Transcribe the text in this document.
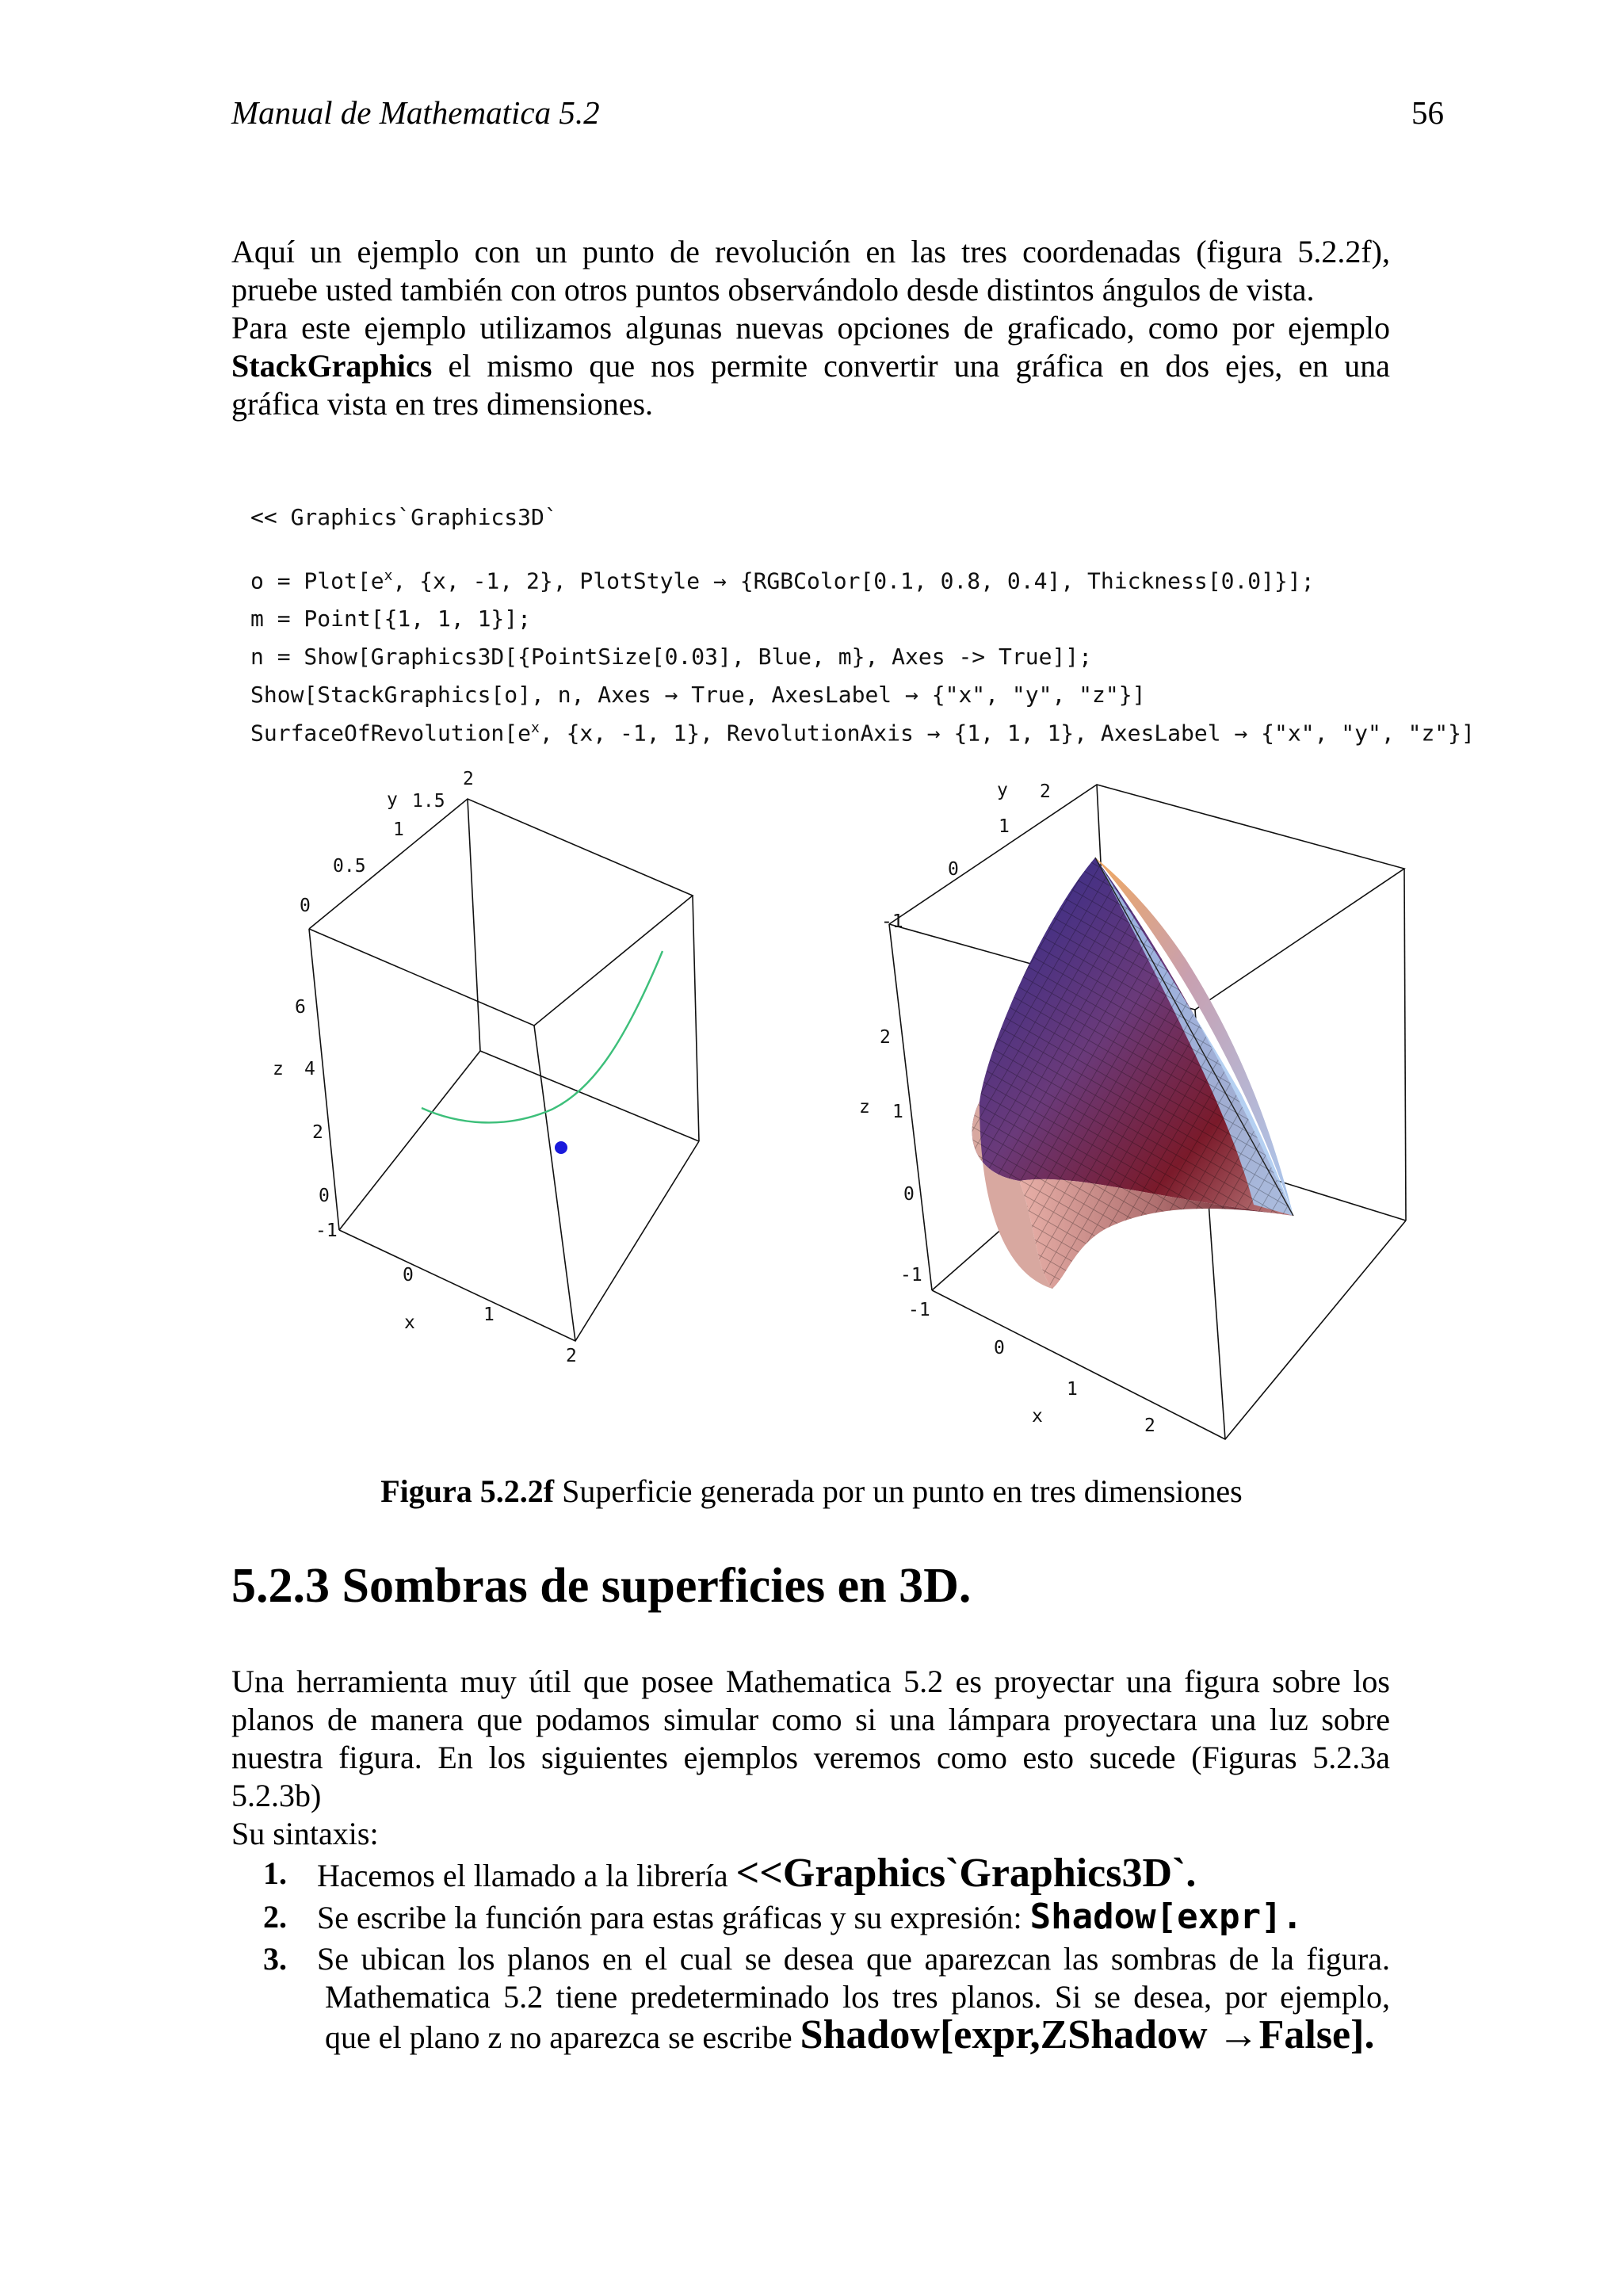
Manual de Mathematica 5.2	56

Aquí un ejemplo con un punto de revolución en las tres coordenadas (figura 5.2.2f),

pruebe usted también con otros puntos observándolo desde distintos ángulos de vista.

Para este ejemplo utilizamos algunas nuevas opciones de graficado, como por ejemplo

StackGraphics el mismo que nos permite convertir una gráfica en dos ejes, en una

gráfica vista en tres dimensiones.

<< Graphics`Graphics3D`
$o = Plot[e^x$, {x, -1, 2}, PlotStyle → {RGBColor[0.1, 0.8, 0.4], Thickness[0.0]}];
m = Point[{1, 1, 1}];
n = Show[Graphics3D[{PointSize[0.03], Blue, m}, Axes -> True]];
Show[StackGraphics[o], n, Axes → True, AxesLabel → {"x", "y", "z"}]
$SurfaceOfRevolution[e^x$, {x, -1, 1}, RevolutionAxis → {1, 1, 1}, AxesLabel → {"x", "y", "z"}]
y 1.5
1
0.5
0
2
6
4
z
2
0
-1
0
x	1
2
y 2
1
0
-1
2
z 1
0
-1
-1
0
1
x	2
Figura 5.2.2f Superficie generada por un punto en tres dimensiones
5.2.3 Sombras de superficies en 3D.

Una herramienta muy útil que posee Mathematica 5.2 es proyectar una figura sobre los

planos de manera que podamos simular como si una lámpara proyectara una luz sobre

nuestra figura. En los siguientes ejemplos veremos como esto sucede (Figuras 5.2.3a

5.2.3b)

Su sintaxis:

1. Hacemos el llamado a la librería <<Graphics`Graphics3D`.
2. Se escribe la función para estas gráficas y su expresión: Shadow[expr].
3. Se ubican los planos en el cual se desea que aparezcan las sombras de la figura.
Mathematica 5.2 tiene predeterminado los tres planos. Si se desea, por ejemplo,
que el plano z no aparezca se escribe Shadow[expr,ZShadow →False].
